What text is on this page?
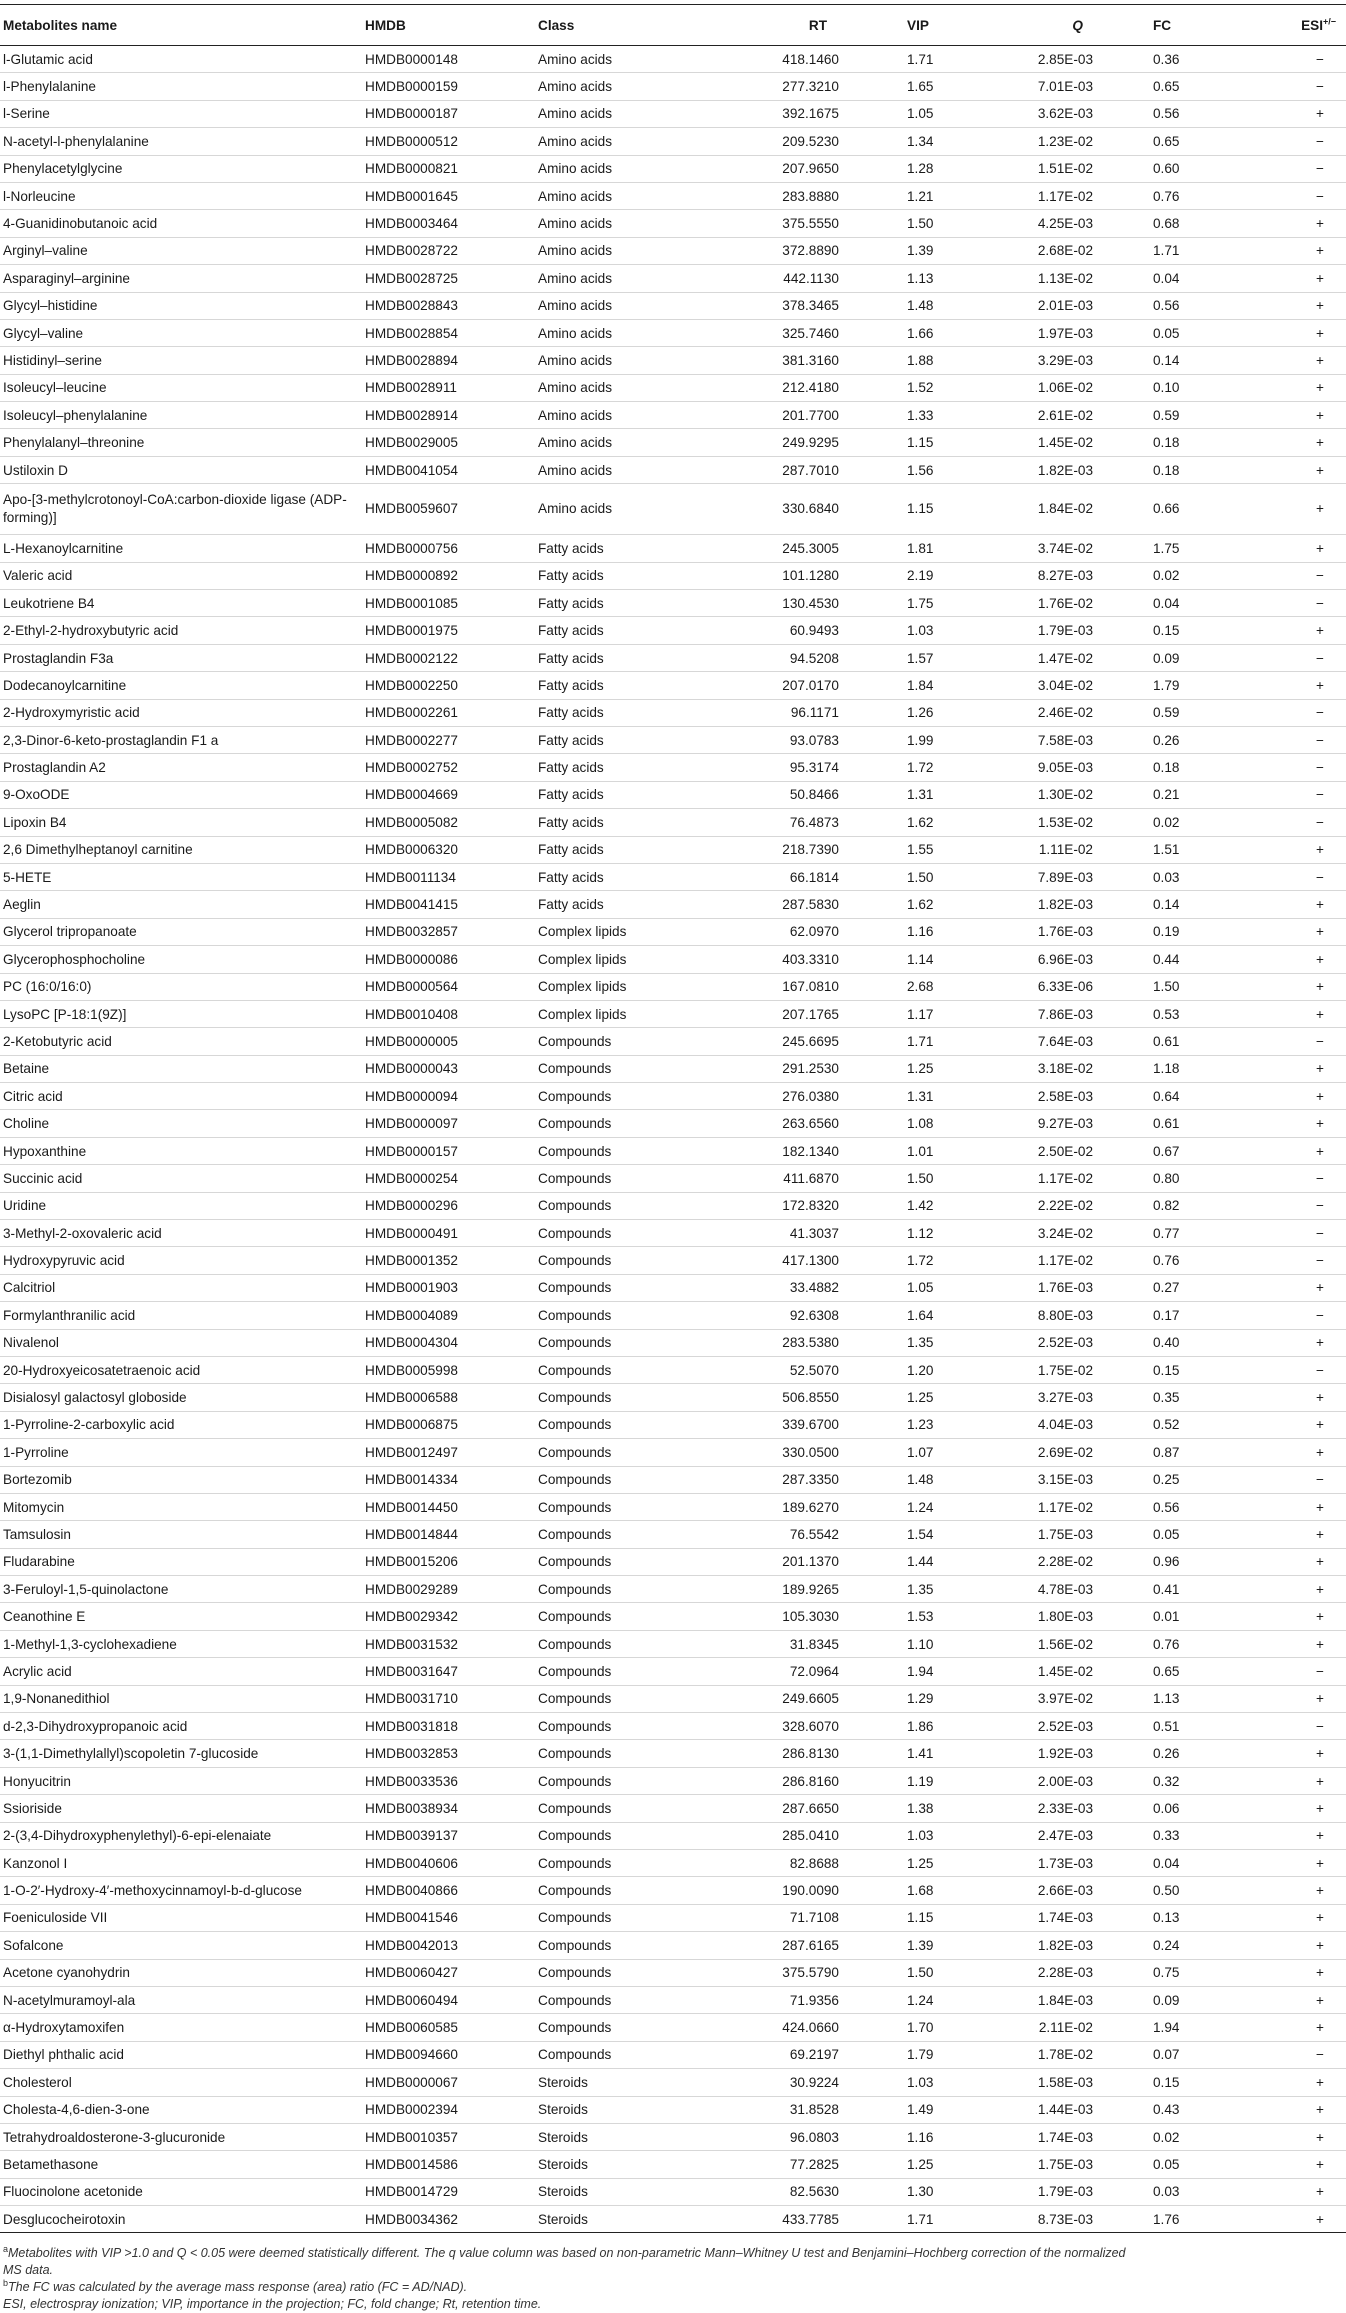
Metabolites name	HMDB	Class	RT	VIP	Q	FC	ESI+/−
l-Glutamic acid	HMDB0000148	Amino acids	418.1460	1.71	2.85E-03	0.36	−
l-Phenylalanine	HMDB0000159	Amino acids	277.3210	1.65	7.01E-03	0.65	−
l-Serine	HMDB0000187	Amino acids	392.1675	1.05	3.62E-03	0.56	+
N-acetyl-l-phenylalanine	HMDB0000512	Amino acids	209.5230	1.34	1.23E-02	0.65	−
Phenylacetylglycine	HMDB0000821	Amino acids	207.9650	1.28	1.51E-02	0.60	−
l-Norleucine	HMDB0001645	Amino acids	283.8880	1.21	1.17E-02	0.76	−
4-Guanidinobutanoic acid	HMDB0003464	Amino acids	375.5550	1.50	4.25E-03	0.68	+
Arginyl–valine	HMDB0028722	Amino acids	372.8890	1.39	2.68E-02	1.71	+
Asparaginyl–arginine	HMDB0028725	Amino acids	442.1130	1.13	1.13E-02	0.04	+
Glycyl–histidine	HMDB0028843	Amino acids	378.3465	1.48	2.01E-03	0.56	+
Glycyl–valine	HMDB0028854	Amino acids	325.7460	1.66	1.97E-03	0.05	+
Histidinyl–serine	HMDB0028894	Amino acids	381.3160	1.88	3.29E-03	0.14	+
Isoleucyl–leucine	HMDB0028911	Amino acids	212.4180	1.52	1.06E-02	0.10	+
Isoleucyl–phenylalanine	HMDB0028914	Amino acids	201.7700	1.33	2.61E-02	0.59	+
Phenylalanyl–threonine	HMDB0029005	Amino acids	249.9295	1.15	1.45E-02	0.18	+
Ustiloxin D	HMDB0041054	Amino acids	287.7010	1.56	1.82E-03	0.18	+
Apo-[3-methylcrotonoyl-CoA:carbon-dioxide ligase (ADP-forming)]	HMDB0059607	Amino acids	330.6840	1.15	1.84E-02	0.66	+
L-Hexanoylcarnitine	HMDB0000756	Fatty acids	245.3005	1.81	3.74E-02	1.75	+
Valeric acid	HMDB0000892	Fatty acids	101.1280	2.19	8.27E-03	0.02	−
Leukotriene B4	HMDB0001085	Fatty acids	130.4530	1.75	1.76E-02	0.04	−
2-Ethyl-2-hydroxybutyric acid	HMDB0001975	Fatty acids	60.9493	1.03	1.79E-03	0.15	+
Prostaglandin F3a	HMDB0002122	Fatty acids	94.5208	1.57	1.47E-02	0.09	−
Dodecanoylcarnitine	HMDB0002250	Fatty acids	207.0170	1.84	3.04E-02	1.79	+
2-Hydroxymyristic acid	HMDB0002261	Fatty acids	96.1171	1.26	2.46E-02	0.59	−
2,3-Dinor-6-keto-prostaglandin F1 a	HMDB0002277	Fatty acids	93.0783	1.99	7.58E-03	0.26	−
Prostaglandin A2	HMDB0002752	Fatty acids	95.3174	1.72	9.05E-03	0.18	−
9-OxoODE	HMDB0004669	Fatty acids	50.8466	1.31	1.30E-02	0.21	−
Lipoxin B4	HMDB0005082	Fatty acids	76.4873	1.62	1.53E-02	0.02	−
2,6 Dimethylheptanoyl carnitine	HMDB0006320	Fatty acids	218.7390	1.55	1.11E-02	1.51	+
5-HETE	HMDB0011134	Fatty acids	66.1814	1.50	7.89E-03	0.03	−
Aeglin	HMDB0041415	Fatty acids	287.5830	1.62	1.82E-03	0.14	+
Glycerol tripropanoate	HMDB0032857	Complex lipids	62.0970	1.16	1.76E-03	0.19	+
Glycerophosphocholine	HMDB0000086	Complex lipids	403.3310	1.14	6.96E-03	0.44	+
PC (16:0/16:0)	HMDB0000564	Complex lipids	167.0810	2.68	6.33E-06	1.50	+
LysoPC [P-18:1(9Z)]	HMDB0010408	Complex lipids	207.1765	1.17	7.86E-03	0.53	+
2-Ketobutyric acid	HMDB0000005	Compounds	245.6695	1.71	7.64E-03	0.61	−
Betaine	HMDB0000043	Compounds	291.2530	1.25	3.18E-02	1.18	+
Citric acid	HMDB0000094	Compounds	276.0380	1.31	2.58E-03	0.64	+
Choline	HMDB0000097	Compounds	263.6560	1.08	9.27E-03	0.61	+
Hypoxanthine	HMDB0000157	Compounds	182.1340	1.01	2.50E-02	0.67	+
Succinic acid	HMDB0000254	Compounds	411.6870	1.50	1.17E-02	0.80	−
Uridine	HMDB0000296	Compounds	172.8320	1.42	2.22E-02	0.82	−
3-Methyl-2-oxovaleric acid	HMDB0000491	Compounds	41.3037	1.12	3.24E-02	0.77	−
Hydroxypyruvic acid	HMDB0001352	Compounds	417.1300	1.72	1.17E-02	0.76	−
Calcitriol	HMDB0001903	Compounds	33.4882	1.05	1.76E-03	0.27	+
Formylanthranilic acid	HMDB0004089	Compounds	92.6308	1.64	8.80E-03	0.17	−
Nivalenol	HMDB0004304	Compounds	283.5380	1.35	2.52E-03	0.40	+
20-Hydroxyeicosatetraenoic acid	HMDB0005998	Compounds	52.5070	1.20	1.75E-02	0.15	−
Disialosyl galactosyl globoside	HMDB0006588	Compounds	506.8550	1.25	3.27E-03	0.35	+
1-Pyrroline-2-carboxylic acid	HMDB0006875	Compounds	339.6700	1.23	4.04E-03	0.52	+
1-Pyrroline	HMDB0012497	Compounds	330.0500	1.07	2.69E-02	0.87	+
Bortezomib	HMDB0014334	Compounds	287.3350	1.48	3.15E-03	0.25	−
Mitomycin	HMDB0014450	Compounds	189.6270	1.24	1.17E-02	0.56	+
Tamsulosin	HMDB0014844	Compounds	76.5542	1.54	1.75E-03	0.05	+
Fludarabine	HMDB0015206	Compounds	201.1370	1.44	2.28E-02	0.96	+
3-Feruloyl-1,5-quinolactone	HMDB0029289	Compounds	189.9265	1.35	4.78E-03	0.41	+
Ceanothine E	HMDB0029342	Compounds	105.3030	1.53	1.80E-03	0.01	+
1-Methyl-1,3-cyclohexadiene	HMDB0031532	Compounds	31.8345	1.10	1.56E-02	0.76	+
Acrylic acid	HMDB0031647	Compounds	72.0964	1.94	1.45E-02	0.65	−
1,9-Nonanedithiol	HMDB0031710	Compounds	249.6605	1.29	3.97E-02	1.13	+
d-2,3-Dihydroxypropanoic acid	HMDB0031818	Compounds	328.6070	1.86	2.52E-03	0.51	−
3-(1,1-Dimethylallyl)scopoletin 7-glucoside	HMDB0032853	Compounds	286.8130	1.41	1.92E-03	0.26	+
Honyucitrin	HMDB0033536	Compounds	286.8160	1.19	2.00E-03	0.32	+
Ssioriside	HMDB0038934	Compounds	287.6650	1.38	2.33E-03	0.06	+
2-(3,4-Dihydroxyphenylethyl)-6-epi-elenaiate	HMDB0039137	Compounds	285.0410	1.03	2.47E-03	0.33	+
Kanzonol I	HMDB0040606	Compounds	82.8688	1.25	1.73E-03	0.04	+
1-O-2′-Hydroxy-4′-methoxycinnamoyl-b-d-glucose	HMDB0040866	Compounds	190.0090	1.68	2.66E-03	0.50	+
Foeniculoside VII	HMDB0041546	Compounds	71.7108	1.15	1.74E-03	0.13	+
Sofalcone	HMDB0042013	Compounds	287.6165	1.39	1.82E-03	0.24	+
Acetone cyanohydrin	HMDB0060427	Compounds	375.5790	1.50	2.28E-03	0.75	+
N-acetylmuramoyl-ala	HMDB0060494	Compounds	71.9356	1.24	1.84E-03	0.09	+
α-Hydroxytamoxifen	HMDB0060585	Compounds	424.0660	1.70	2.11E-02	1.94	+
Diethyl phthalic acid	HMDB0094660	Compounds	69.2197	1.79	1.78E-02	0.07	−
Cholesterol	HMDB0000067	Steroids	30.9224	1.03	1.58E-03	0.15	+
Cholesta-4,6-dien-3-one	HMDB0002394	Steroids	31.8528	1.49	1.44E-03	0.43	+
Tetrahydroaldosterone-3-glucuronide	HMDB0010357	Steroids	96.0803	1.16	1.74E-03	0.02	+
Betamethasone	HMDB0014586	Steroids	77.2825	1.25	1.75E-03	0.05	+
Fluocinolone acetonide	HMDB0014729	Steroids	82.5630	1.30	1.79E-03	0.03	+
Desglucocheirotoxin	HMDB0034362	Steroids	433.7785	1.71	8.73E-03	1.76	+

$^a$Metabolites with VIP >1.0 and Q < 0.05 were deemed statistically different. The q value column was based on non-parametric Mann–Whitney U test and Benjamini–Hochberg correction of the normalized MS data.

$^b$The FC was calculated by the average mass response (area) ratio (FC = AD/NAD).

ESI, electrospray ionization; VIP, importance in the projection; FC, fold change; Rt, retention time.
